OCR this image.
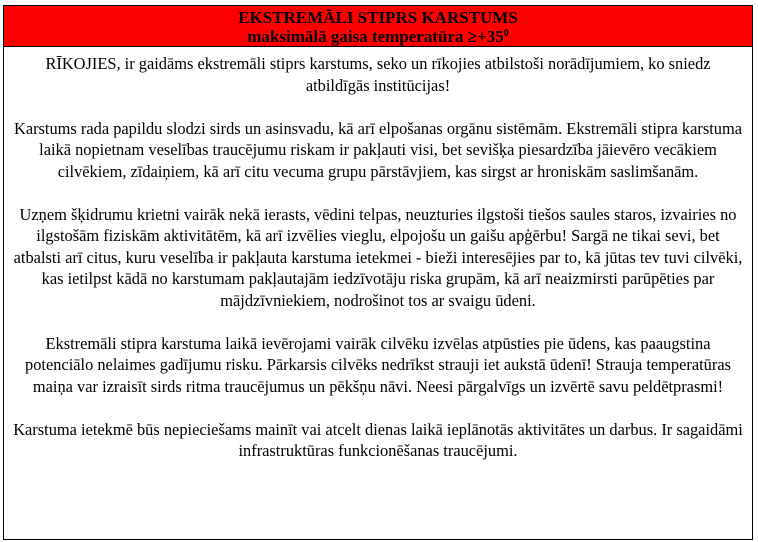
EKSTREMĀLI STIPRS KARSTUMS
maksimālā gaisa temperatūra $\ge+35^0$

RĪKOJIES, ir gaidāms ekstremāli stiprs karstums, seko un rīkojies atbilstoši norādījumiem, ko sniedz atbildīgās institūcijas!

Karstums rada papildu slodzi sirds un asinsvadu, kā arī elpošanas orgānu sistēmām. Ekstremāli stipra karstuma laikā nopietnam veselības traucējumu riskam ir pakļauti visi, bet sevišķa piesardzība jāievēro vecākiem cilvēkiem, zīdaiņiem, kā arī citu vecuma grupu pārstāvjiem, kas sirgst ar hroniskām saslimšanām.

Uzņem šķidrumu krietni vairāk nekā ierasts, vēdini telpas, neuzturies ilgstoši tiešos saules staros, izvairies no ilgstošām fiziskām aktivitātēm, kā arī izvēlies vieglu, elpojošu un gaišu apģērbu! Sargā ne tikai sevi, bet atbalsti arī citus, kuru veselība ir pakļauta karstuma ietekmei - bieži interesējies par to, kā jūtas tev tuvi cilvēki, kas ietilpst kādā no karstumam pakļautajām iedzīvotāju riska grupām, kā arī neaizmirsti parūpēties par mājdzīvniekiem, nodrošinot tos ar svaigu ūdeni.

Ekstremāli stipra karstuma laikā ievērojami vairāk cilvēku izvēlas atpūsties pie ūdens, kas paaugstina potenciālo nelaimes gadījumu risku. Pārkarsis cilvēks nedrīkst strauji iet aukstā ūdenī! Strauja temperatūras maiņa var izraisīt sirds ritma traucējumus un pēkšņu nāvi. Neesi pārgalvīgs un izvērtē savu peldētprasmi!

Karstuma ietekmē būs nepieciešams mainīt vai atcelt dienas laikā ieplānotās aktivitātes un darbus. Ir sagaidāmi infrastruktūras funkcionēšanas traucējumi.
